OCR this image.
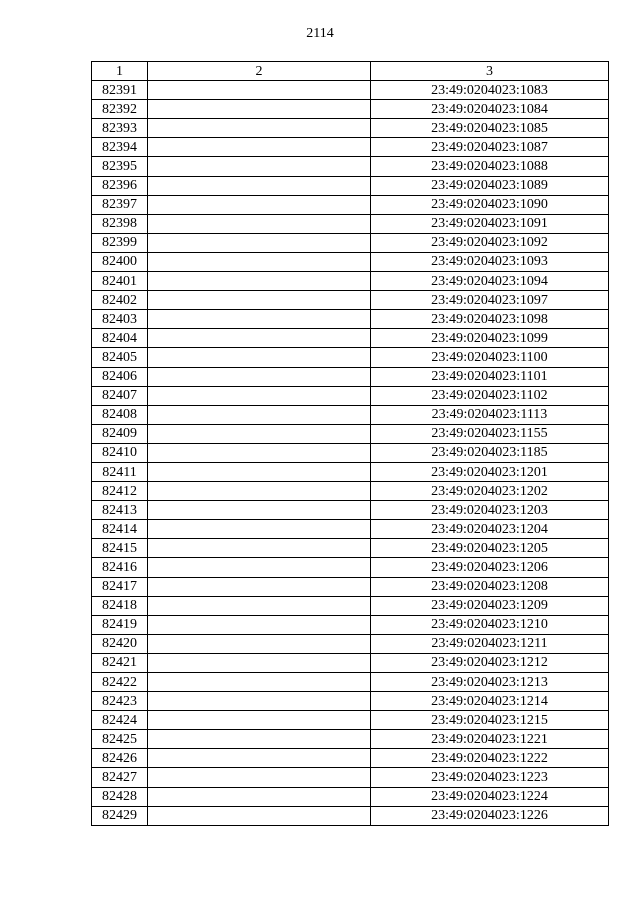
2114
1	2	3
82391		23:49:0204023:1083
82392		23:49:0204023:1084
82393		23:49:0204023:1085
82394		23:49:0204023:1087
82395		23:49:0204023:1088
82396		23:49:0204023:1089
82397		23:49:0204023:1090
82398		23:49:0204023:1091
82399		23:49:0204023:1092
82400		23:49:0204023:1093
82401		23:49:0204023:1094
82402		23:49:0204023:1097
82403		23:49:0204023:1098
82404		23:49:0204023:1099
82405		23:49:0204023:1100
82406		23:49:0204023:1101
82407		23:49:0204023:1102
82408		23:49:0204023:1113
82409		23:49:0204023:1155
82410		23:49:0204023:1185
82411		23:49:0204023:1201
82412		23:49:0204023:1202
82413		23:49:0204023:1203
82414		23:49:0204023:1204
82415		23:49:0204023:1205
82416		23:49:0204023:1206
82417		23:49:0204023:1208
82418		23:49:0204023:1209
82419		23:49:0204023:1210
82420		23:49:0204023:1211
82421		23:49:0204023:1212
82422		23:49:0204023:1213
82423		23:49:0204023:1214
82424		23:49:0204023:1215
82425		23:49:0204023:1221
82426		23:49:0204023:1222
82427		23:49:0204023:1223
82428		23:49:0204023:1224
82429		23:49:0204023:1226
